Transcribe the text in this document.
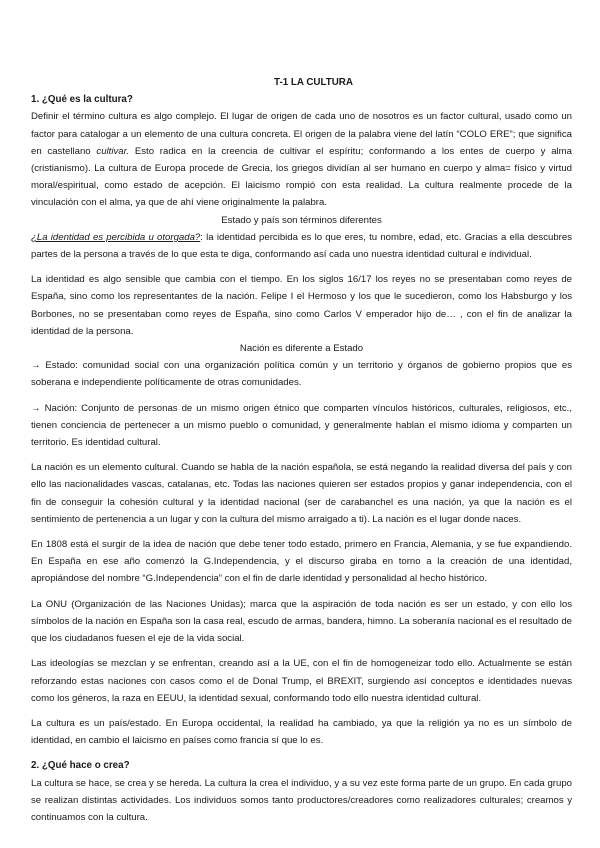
T-1 LA CULTURA

1. ¿Qué es la cultura?

Definir el término cultura es algo complejo. El lugar de origen de cada uno de nosotros es un factor cultural, usado como un factor para catalogar a un elemento de una cultura concreta. El origen de la palabra viene del latín “COLO ERE”; que significa en castellano cultivar. Esto radica en la creencia de cultivar el espíritu; conformando a los entes de cuerpo y alma (cristianismo). La cultura de Europa procede de Grecia, los griegos dividían al ser humano en cuerpo y alma= físico y virtud moral/espiritual, como estado de acepción. El laicismo rompió con esta realidad. La cultura realmente procede de la vinculación con el alma, ya que de ahí viene originalmente la palabra.

Estado y país son términos diferentes

¿La identidad es percibida u otorgada?: la identidad percibida es lo que eres, tu nombre, edad, etc. Gracias a ella descubres partes de la persona a través de lo que esta te diga, conformando así cada uno nuestra identidad cultural e individual.

La identidad es algo sensible que cambia con el tiempo. En los siglos 16/17 los reyes no se presentaban como reyes de España, sino como los representantes de la nación. Felipe I el Hermoso y los que le sucedieron, como los Habsburgo y los Borbones, no se presentaban como reyes de España, sino como Carlos V emperador hijo de… , con el fin de analizar la identidad de la persona.

Nación es diferente a Estado

→ Estado: comunidad social con una organización política común y un territorio y órganos de gobierno propios que es soberana e independiente políticamente de otras comunidades.

→ Nación: Conjunto de personas de un mismo origen étnico que comparten vínculos históricos, culturales, religiosos, etc., tienen conciencia de pertenecer a un mismo pueblo o comunidad, y generalmente hablan el mismo idioma y comparten un territorio. Es identidad cultural.

La nación es un elemento cultural. Cuando se habla de la nación española, se está negando la realidad diversa del país y con ello las nacionalidades vascas, catalanas, etc. Todas las naciones quieren ser estados propios y ganar independencia, con el fin de conseguir la cohesión cultural y la identidad nacional (ser de carabanchel es una nación, ya que la nación es el sentimiento de pertenencia a un lugar y con la cultura del mismo arraigado a ti). La nación es el lugar donde naces.

En 1808 está el surgir de la idea de nación que debe tener todo estado, primero en Francia, Alemania, y se fue expandiendo. En España en ese año comenzó la G.Independencia, y el discurso giraba en torno a la creación de una identidad, apropiándose del nombre “G.Independencia” con el fin de darle identidad y personalidad al hecho histórico.

La ONU (Organización de las Naciones Unidas); marca que la aspiración de toda nación es ser un estado, y con ello los símbolos de la nación en España son la casa real, escudo de armas, bandera, himno. La soberanía nacional es el resultado de que los ciudadanos fuesen el eje de la vida social.

Las ideologías se mezclan y se enfrentan, creando así a la UE, con el fin de homogeneizar todo ello. Actualmente se están reforzando estas naciones con casos como el de Donal Trump, el BREXIT, surgiendo así conceptos e identidades nuevas como los géneros, la raza en EEUU, la identidad sexual, conformando todo ello nuestra identidad cultural.

La cultura es un país/estado. En Europa occidental, la realidad ha cambiado, ya que la religión ya no es un símbolo de identidad, en cambio el laicismo en países como francia sí que lo es.

2. ¿Qué hace o crea?

La cultura se hace, se crea y se hereda. La cultura la crea el individuo, y a su vez este forma parte de un grupo. En cada grupo se realizan distintas actividades. Los individuos somos tanto productores/creadores como realizadores culturales; creamos y continuamos con la cultura.
